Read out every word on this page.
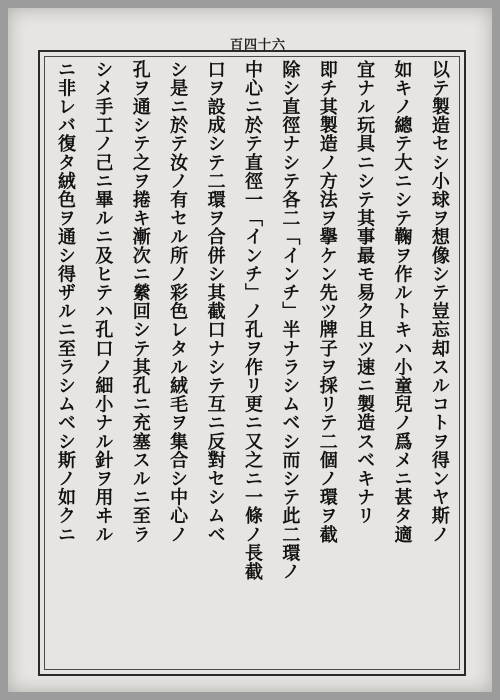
百四十六
以テ製造セシ小球ヲ想像シテ豈忘却スルコトヲ得ンヤ斯ノ
如キノ總テ大ニシテ鞠ヲ作ルトキハ小童兒ノ爲メニ甚タ適
宜ナル玩具ニシテ其事最モ易ク且ツ速ニ製造スベキナリ
即チ其製造ノ方法ヲ擧ケン先ツ牌子ヲ採リテ二個ノ環ヲ截
除シ直徑ナシテ各二「インチ」半ナラシムベシ而シテ此二環ノ
中心ニ於テ直徑一「インチ」ノ孔ヲ作リ更ニ又之ニ一條ノ長截
口ヲ設成シテ二環ヲ合併シ其截口ナシテ互ニ反對セシムベ
シ是ニ於テ汝ノ有セル所ノ彩色レタル絨毛ヲ集合シ中心ノ
孔ヲ通シテ之ヲ捲キ漸次ニ縈回シテ其孔ニ充塞スルニ至ラ
シメ手工ノ己ニ畢ルニ及ヒテハ孔口ノ細小ナル針ヲ用ヰル
ニ非レバ復タ絨色ヲ通シ得ザルニ至ラシムベシ斯ノ如クニ
